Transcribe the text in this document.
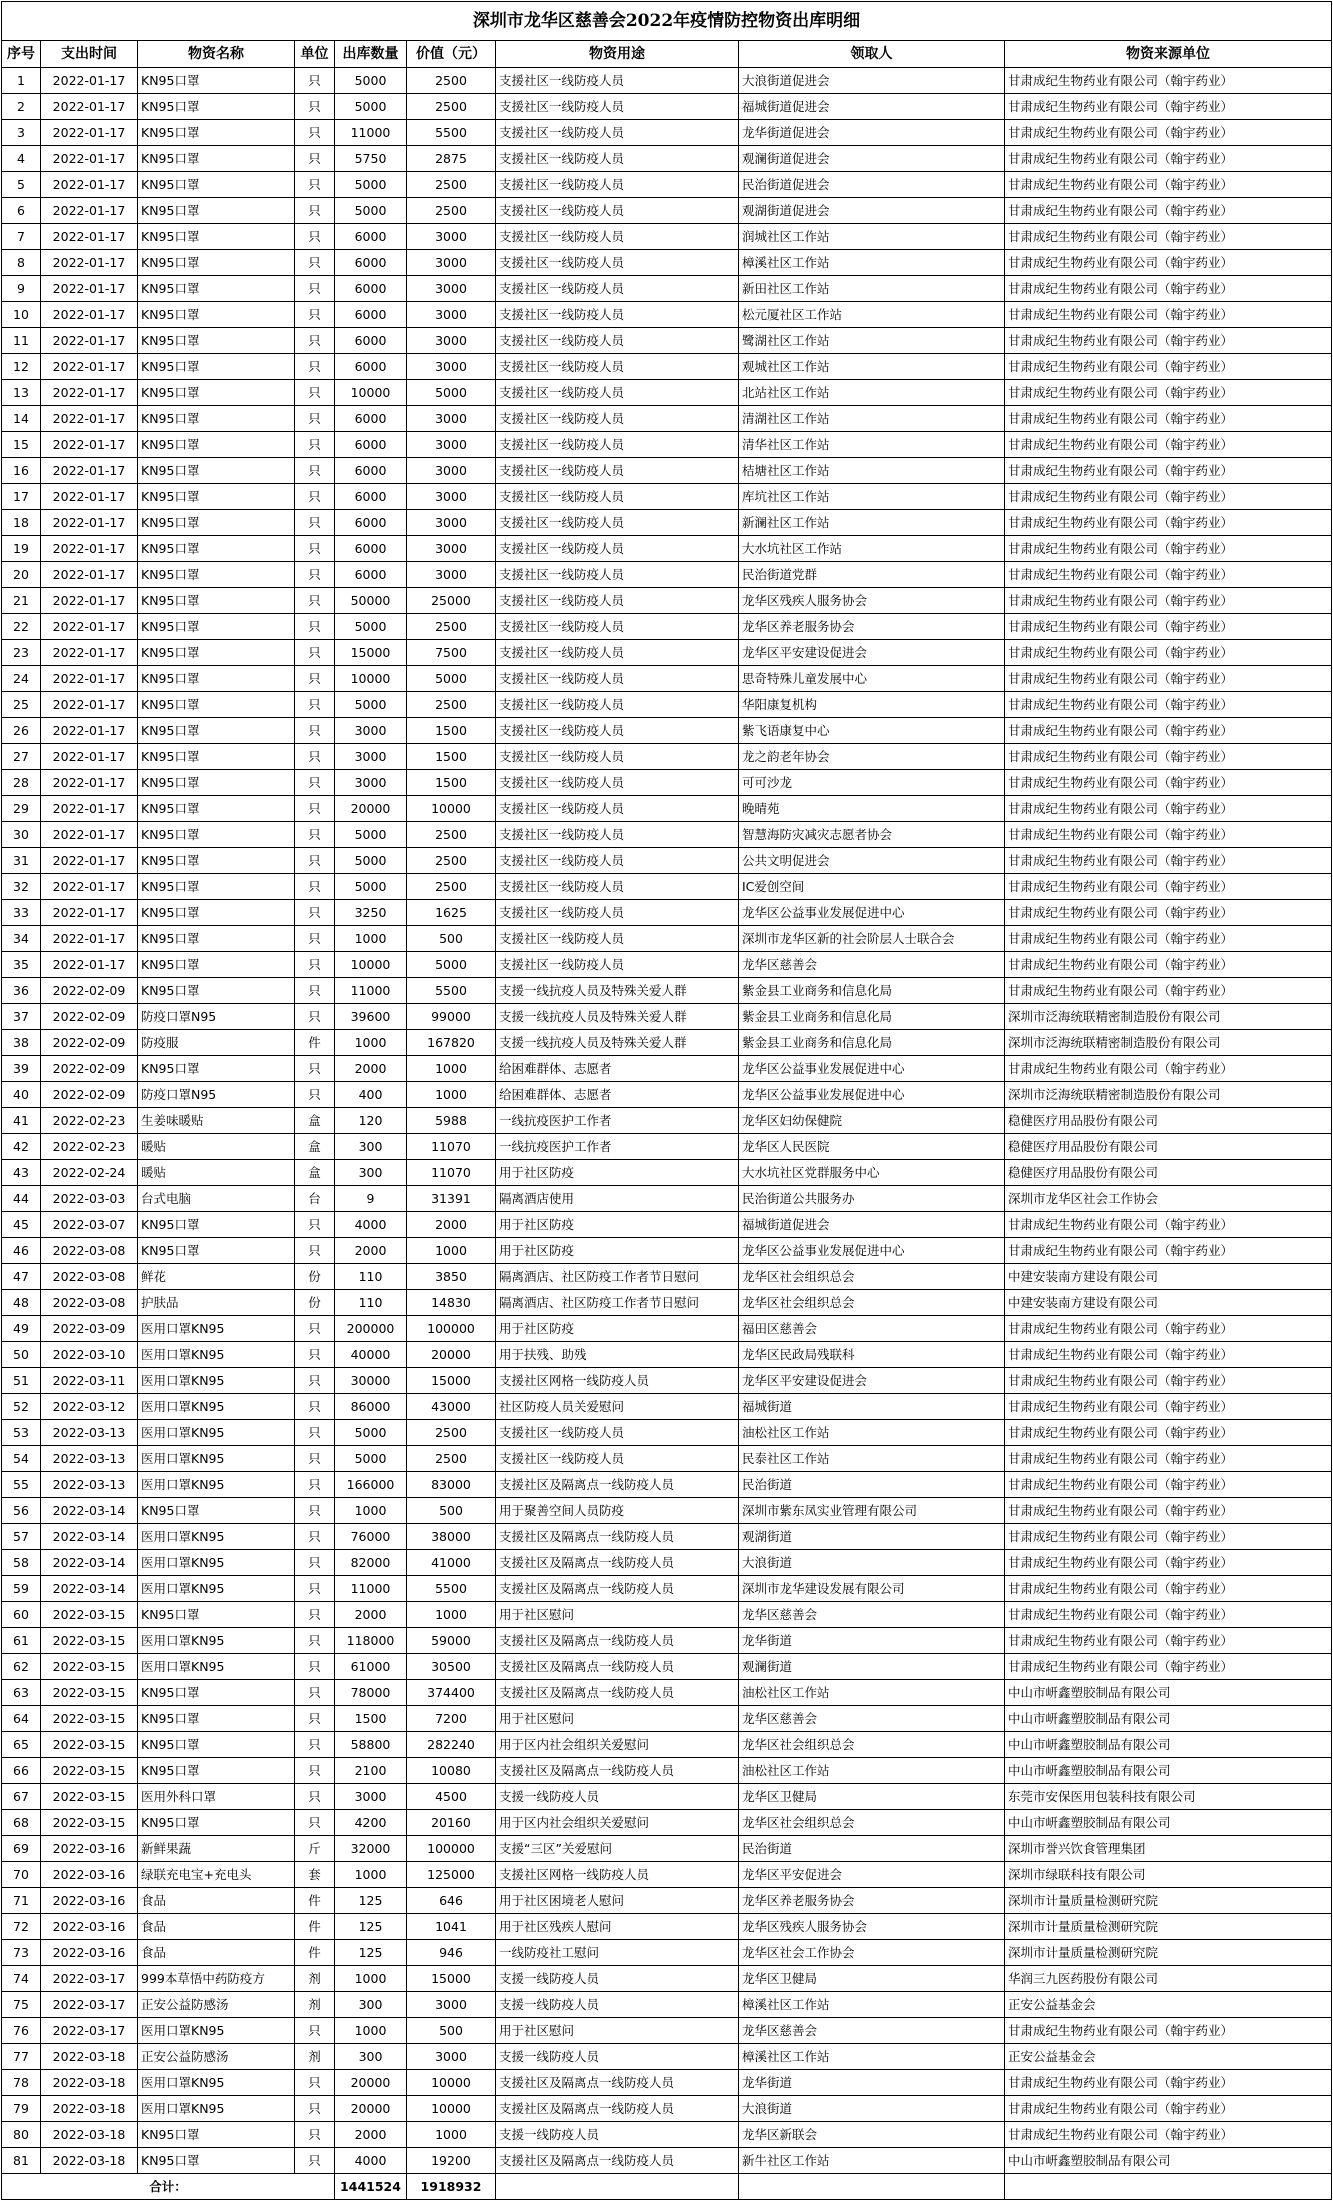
深圳市龙华区慈善会2022年疫情防控物资出库明细								
序号	支出时间	物资名称	单位	出库数量	价值（元）	物资用途	领取人	物资来源单位
1	2022-01-17	KN95口罩	只	5000	2500	支援社区一线防疫人员	大浪街道促进会	甘肃成纪生物药业有限公司（翰宇药业）
2	2022-01-17	KN95口罩	只	5000	2500	支援社区一线防疫人员	福城街道促进会	甘肃成纪生物药业有限公司（翰宇药业）
3	2022-01-17	KN95口罩	只	11000	5500	支援社区一线防疫人员	龙华街道促进会	甘肃成纪生物药业有限公司（翰宇药业）
4	2022-01-17	KN95口罩	只	5750	2875	支援社区一线防疫人员	观澜街道促进会	甘肃成纪生物药业有限公司（翰宇药业）
5	2022-01-17	KN95口罩	只	5000	2500	支援社区一线防疫人员	民治街道促进会	甘肃成纪生物药业有限公司（翰宇药业）
6	2022-01-17	KN95口罩	只	5000	2500	支援社区一线防疫人员	观湖街道促进会	甘肃成纪生物药业有限公司（翰宇药业）
7	2022-01-17	KN95口罩	只	6000	3000	支援社区一线防疫人员	润城社区工作站	甘肃成纪生物药业有限公司（翰宇药业）
8	2022-01-17	KN95口罩	只	6000	3000	支援社区一线防疫人员	樟溪社区工作站	甘肃成纪生物药业有限公司（翰宇药业）
9	2022-01-17	KN95口罩	只	6000	3000	支援社区一线防疫人员	新田社区工作站	甘肃成纪生物药业有限公司（翰宇药业）
10	2022-01-17	KN95口罩	只	6000	3000	支援社区一线防疫人员	松元厦社区工作站	甘肃成纪生物药业有限公司（翰宇药业）
11	2022-01-17	KN95口罩	只	6000	3000	支援社区一线防疫人员	鹭湖社区工作站	甘肃成纪生物药业有限公司（翰宇药业）
12	2022-01-17	KN95口罩	只	6000	3000	支援社区一线防疫人员	观城社区工作站	甘肃成纪生物药业有限公司（翰宇药业）
13	2022-01-17	KN95口罩	只	10000	5000	支援社区一线防疫人员	北站社区工作站	甘肃成纪生物药业有限公司（翰宇药业）
14	2022-01-17	KN95口罩	只	6000	3000	支援社区一线防疫人员	清湖社区工作站	甘肃成纪生物药业有限公司（翰宇药业）
15	2022-01-17	KN95口罩	只	6000	3000	支援社区一线防疫人员	清华社区工作站	甘肃成纪生物药业有限公司（翰宇药业）
16	2022-01-17	KN95口罩	只	6000	3000	支援社区一线防疫人员	桔塘社区工作站	甘肃成纪生物药业有限公司（翰宇药业）
17	2022-01-17	KN95口罩	只	6000	3000	支援社区一线防疫人员	库坑社区工作站	甘肃成纪生物药业有限公司（翰宇药业）
18	2022-01-17	KN95口罩	只	6000	3000	支援社区一线防疫人员	新澜社区工作站	甘肃成纪生物药业有限公司（翰宇药业）
19	2022-01-17	KN95口罩	只	6000	3000	支援社区一线防疫人员	大水坑社区工作站	甘肃成纪生物药业有限公司（翰宇药业）
20	2022-01-17	KN95口罩	只	6000	3000	支援社区一线防疫人员	民治街道党群	甘肃成纪生物药业有限公司（翰宇药业）
21	2022-01-17	KN95口罩	只	50000	25000	支援社区一线防疫人员	龙华区残疾人服务协会	甘肃成纪生物药业有限公司（翰宇药业）
22	2022-01-17	KN95口罩	只	5000	2500	支援社区一线防疫人员	龙华区养老服务协会	甘肃成纪生物药业有限公司（翰宇药业）
23	2022-01-17	KN95口罩	只	15000	7500	支援社区一线防疫人员	龙华区平安建设促进会	甘肃成纪生物药业有限公司（翰宇药业）
24	2022-01-17	KN95口罩	只	10000	5000	支援社区一线防疫人员	思奇特殊儿童发展中心	甘肃成纪生物药业有限公司（翰宇药业）
25	2022-01-17	KN95口罩	只	5000	2500	支援社区一线防疫人员	华阳康复机构	甘肃成纪生物药业有限公司（翰宇药业）
26	2022-01-17	KN95口罩	只	3000	1500	支援社区一线防疫人员	紫飞语康复中心	甘肃成纪生物药业有限公司（翰宇药业）
27	2022-01-17	KN95口罩	只	3000	1500	支援社区一线防疫人员	龙之韵老年协会	甘肃成纪生物药业有限公司（翰宇药业）
28	2022-01-17	KN95口罩	只	3000	1500	支援社区一线防疫人员	可可沙龙	甘肃成纪生物药业有限公司（翰宇药业）
29	2022-01-17	KN95口罩	只	20000	10000	支援社区一线防疫人员	晚晴苑	甘肃成纪生物药业有限公司（翰宇药业）
30	2022-01-17	KN95口罩	只	5000	2500	支援社区一线防疫人员	智慧海防灾减灾志愿者协会	甘肃成纪生物药业有限公司（翰宇药业）
31	2022-01-17	KN95口罩	只	5000	2500	支援社区一线防疫人员	公共文明促进会	甘肃成纪生物药业有限公司（翰宇药业）
32	2022-01-17	KN95口罩	只	5000	2500	支援社区一线防疫人员	IC爱创空间	甘肃成纪生物药业有限公司（翰宇药业）
33	2022-01-17	KN95口罩	只	3250	1625	支援社区一线防疫人员	龙华区公益事业发展促进中心	甘肃成纪生物药业有限公司（翰宇药业）
34	2022-01-17	KN95口罩	只	1000	500	支援社区一线防疫人员	深圳市龙华区新的社会阶层人士联合会	甘肃成纪生物药业有限公司（翰宇药业）
35	2022-01-17	KN95口罩	只	10000	5000	支援社区一线防疫人员	龙华区慈善会	甘肃成纪生物药业有限公司（翰宇药业）
36	2022-02-09	KN95口罩	只	11000	5500	支援一线抗疫人员及特殊关爱人群	紫金县工业商务和信息化局	甘肃成纪生物药业有限公司（翰宇药业）
37	2022-02-09	防疫口罩N95	只	39600	99000	支援一线抗疫人员及特殊关爱人群	紫金县工业商务和信息化局	深圳市泛海统联精密制造股份有限公司
38	2022-02-09	防疫服	件	1000	167820	支援一线抗疫人员及特殊关爱人群	紫金县工业商务和信息化局	深圳市泛海统联精密制造股份有限公司
39	2022-02-09	KN95口罩	只	2000	1000	给困难群体、志愿者	龙华区公益事业发展促进中心	甘肃成纪生物药业有限公司（翰宇药业）
40	2022-02-09	防疫口罩N95	只	400	1000	给困难群体、志愿者	龙华区公益事业发展促进中心	深圳市泛海统联精密制造股份有限公司
41	2022-02-23	生姜味暖贴	盒	120	5988	一线抗疫医护工作者	龙华区妇幼保健院	稳健医疗用品股份有限公司
42	2022-02-23	暖贴	盒	300	11070	一线抗疫医护工作者	龙华区人民医院	稳健医疗用品股份有限公司
43	2022-02-24	暖贴	盒	300	11070	用于社区防疫	大水坑社区党群服务中心	稳健医疗用品股份有限公司
44	2022-03-03	台式电脑	台	9	31391	隔离酒店使用	民治街道公共服务办	深圳市龙华区社会工作协会
45	2022-03-07	KN95口罩	只	4000	2000	用于社区防疫	福城街道促进会	甘肃成纪生物药业有限公司（翰宇药业）
46	2022-03-08	KN95口罩	只	2000	1000	用于社区防疫	龙华区公益事业发展促进中心	甘肃成纪生物药业有限公司（翰宇药业）
47	2022-03-08	鲜花	份	110	3850	隔离酒店、社区防疫工作者节日慰问	龙华区社会组织总会	中建安装南方建设有限公司
48	2022-03-08	护肤品	份	110	14830	隔离酒店、社区防疫工作者节日慰问	龙华区社会组织总会	中建安装南方建设有限公司
49	2022-03-09	医用口罩KN95	只	200000	100000	用于社区防疫	福田区慈善会	甘肃成纪生物药业有限公司（翰宇药业）
50	2022-03-10	医用口罩KN95	只	40000	20000	用于扶残、助残	龙华区民政局残联科	甘肃成纪生物药业有限公司（翰宇药业）
51	2022-03-11	医用口罩KN95	只	30000	15000	支援社区网格一线防疫人员	龙华区平安建设促进会	甘肃成纪生物药业有限公司（翰宇药业）
52	2022-03-12	医用口罩KN95	只	86000	43000	社区防疫人员关爱慰问	福城街道	甘肃成纪生物药业有限公司（翰宇药业）
53	2022-03-13	医用口罩KN95	只	5000	2500	支援社区一线防疫人员	油松社区工作站	甘肃成纪生物药业有限公司（翰宇药业）
54	2022-03-13	医用口罩KN95	只	5000	2500	支援社区一线防疫人员	民泰社区工作站	甘肃成纪生物药业有限公司（翰宇药业）
55	2022-03-13	医用口罩KN95	只	166000	83000	支援社区及隔离点一线防疫人员	民治街道	甘肃成纪生物药业有限公司（翰宇药业）
56	2022-03-14	KN95口罩	只	1000	500	用于聚善空间人员防疫	深圳市紫东凤实业管理有限公司	甘肃成纪生物药业有限公司（翰宇药业）
57	2022-03-14	医用口罩KN95	只	76000	38000	支援社区及隔离点一线防疫人员	观湖街道	甘肃成纪生物药业有限公司（翰宇药业）
58	2022-03-14	医用口罩KN95	只	82000	41000	支援社区及隔离点一线防疫人员	大浪街道	甘肃成纪生物药业有限公司（翰宇药业）
59	2022-03-14	医用口罩KN95	只	11000	5500	支援社区及隔离点一线防疫人员	深圳市龙华建设发展有限公司	甘肃成纪生物药业有限公司（翰宇药业）
60	2022-03-15	KN95口罩	只	2000	1000	用于社区慰问	龙华区慈善会	甘肃成纪生物药业有限公司（翰宇药业）
61	2022-03-15	医用口罩KN95	只	118000	59000	支援社区及隔离点一线防疫人员	龙华街道	甘肃成纪生物药业有限公司（翰宇药业）
62	2022-03-15	医用口罩KN95	只	61000	30500	支援社区及隔离点一线防疫人员	观澜街道	甘肃成纪生物药业有限公司（翰宇药业）
63	2022-03-15	KN95口罩	只	78000	374400	支援社区及隔离点一线防疫人员	油松社区工作站	中山市岍鑫塑胶制品有限公司
64	2022-03-15	KN95口罩	只	1500	7200	用于社区慰问	龙华区慈善会	中山市岍鑫塑胶制品有限公司
65	2022-03-15	KN95口罩	只	58800	282240	用于区内社会组织关爱慰问	龙华区社会组织总会	中山市岍鑫塑胶制品有限公司
66	2022-03-15	KN95口罩	只	2100	10080	支援社区及隔离点一线防疫人员	油松社区工作站	中山市岍鑫塑胶制品有限公司
67	2022-03-15	医用外科口罩	只	3000	4500	支援一线防疫人员	龙华区卫健局	东莞市安保医用包装科技有限公司
68	2022-03-15	KN95口罩	只	4200	20160	用于区内社会组织关爱慰问	龙华区社会组织总会	中山市岍鑫塑胶制品有限公司
69	2022-03-16	新鲜果蔬	斤	32000	100000	支援“三区”关爱慰问	民治街道	深圳市誉兴饮食管理集团
70	2022-03-16	绿联充电宝+充电头	套	1000	125000	支援社区网格一线防疫人员	龙华区平安促进会	深圳市绿联科技有限公司
71	2022-03-16	食品	件	125	646	用于社区困境老人慰问	龙华区养老服务协会	深圳市计量质量检测研究院
72	2022-03-16	食品	件	125	1041	用于社区残疾人慰问	龙华区残疾人服务协会	深圳市计量质量检测研究院
73	2022-03-16	食品	件	125	946	一线防疫社工慰问	龙华区社会工作协会	深圳市计量质量检测研究院
74	2022-03-17	999本草悟中药防疫方	剂	1000	15000	支援一线防疫人员	龙华区卫健局	华润三九医药股份有限公司
75	2022-03-17	正安公益防感汤	剂	300	3000	支援一线防疫人员	樟溪社区工作站	正安公益基金会
76	2022-03-17	医用口罩KN95	只	1000	500	用于社区慰问	龙华区慈善会	甘肃成纪生物药业有限公司（翰宇药业）
77	2022-03-18	正安公益防感汤	剂	300	3000	支援一线防疫人员	樟溪社区工作站	正安公益基金会
78	2022-03-18	医用口罩KN95	只	20000	10000	支援社区及隔离点一线防疫人员	龙华街道	甘肃成纪生物药业有限公司（翰宇药业）
79	2022-03-18	医用口罩KN95	只	20000	10000	支援社区及隔离点一线防疫人员	大浪街道	甘肃成纪生物药业有限公司（翰宇药业）
80	2022-03-18	KN95口罩	只	2000	1000	支援一线防疫人员	龙华区新联会	甘肃成纪生物药业有限公司（翰宇药业）
81	2022-03-18	KN95口罩	只	4000	19200	支援社区及隔离点一线防疫人员	新牛社区工作站	中山市岍鑫塑胶制品有限公司
合计：				1441524	1918932			
